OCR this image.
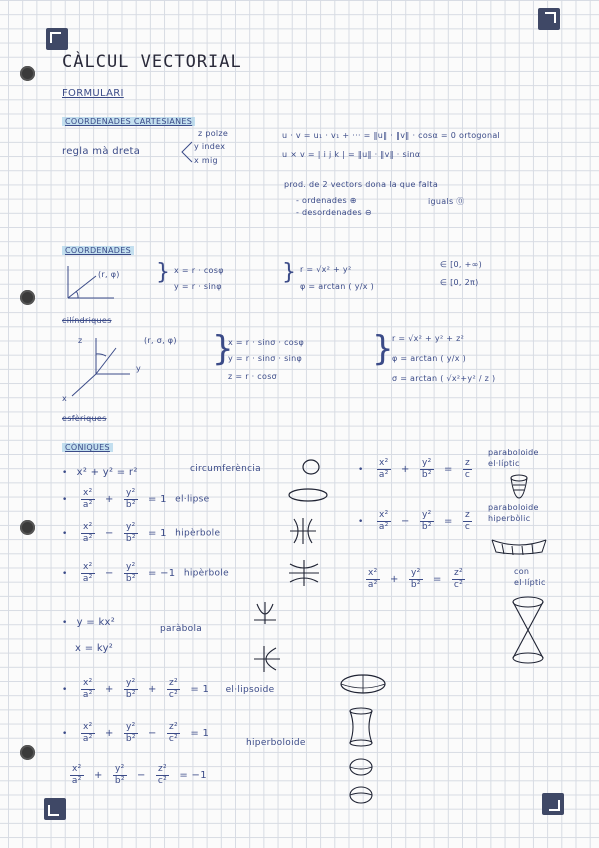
CÀLCUL VECTORIAL
FORMULARI
COORDENADES CARTESIANES
regla mà dreta
z polze
y index
x mig
u · v = u₁ · v₁ + ··· = ‖u‖ · ‖v‖ · cosα = 0 ortogonal
u × v = | i j k | = ‖u‖ · ‖v‖ · sinα
prod. de 2 vectors dona la que falta
- ordenades ⊕
- desordenades ⊖
iguals ⓪
COORDENADES
(r, φ) } x = r · cosφ
y = r · sinφ
} r = √x² + y²
φ = arctan ( y/x )
∈ [0, +∞)
∈ [0, 2π)
cilíndriques
z
y
x
(r, σ, φ) }
x = r · sinσ · cosφ
y = r · sinσ · sinφ
z = r · cosσ
}
r = √x² + y² + z²
φ = arctan ( y/x )
σ = arctan ( √x²+y² / z )
esfèriques
CÒNIQUES
• x² + y² = r²	circumferència
• $\frac{\text{x²}}{\text{a²}} + \frac{\text{y²}}{\text{b²}} = 1$ el·lipse
• $\frac{\text{x²}}{\text{a²}} - \frac{\text{y²}}{\text{b²}} = 1$ hipèrbole
• $\frac{\text{x²}}{\text{a²}} - \frac{\text{y²}}{\text{b²}} = -1$ hipèrbole
• y = kx²
x = ky²
paràbola
• $\frac{\text{x²}}{\text{a²}} + \frac{\text{y²}}{\text{b²}} + \frac{\text{z²}}{\text{c²}} = 1$ el·lipsoide
• $\frac{\text{x²}}{\text{a²}} + \frac{\text{y²}}{\text{b²}} - \frac{\text{z²}}{\text{c²}} = 1$
hiperboloide
$\frac{\text{x²}}{\text{a²}} + \frac{\text{y²}}{\text{b²}} - \frac{\text{z²}}{\text{c²}} = -1$
• $\frac{\text{x²}}{\text{a²}} + \frac{\text{y²}}{\text{b²}} = \frac{z}{c}$
paraboloide el·líptic
• $\frac{\text{x²}}{\text{a²}} - \frac{\text{y²}}{\text{b²}} = \frac{z}{c}$
paraboloide hiperbòlic
$\frac{\text{x²}}{\text{a²}} + \frac{\text{y²}}{\text{b²}} = \frac{\text{z²}}{\text{c²}}$	con el·líptic
